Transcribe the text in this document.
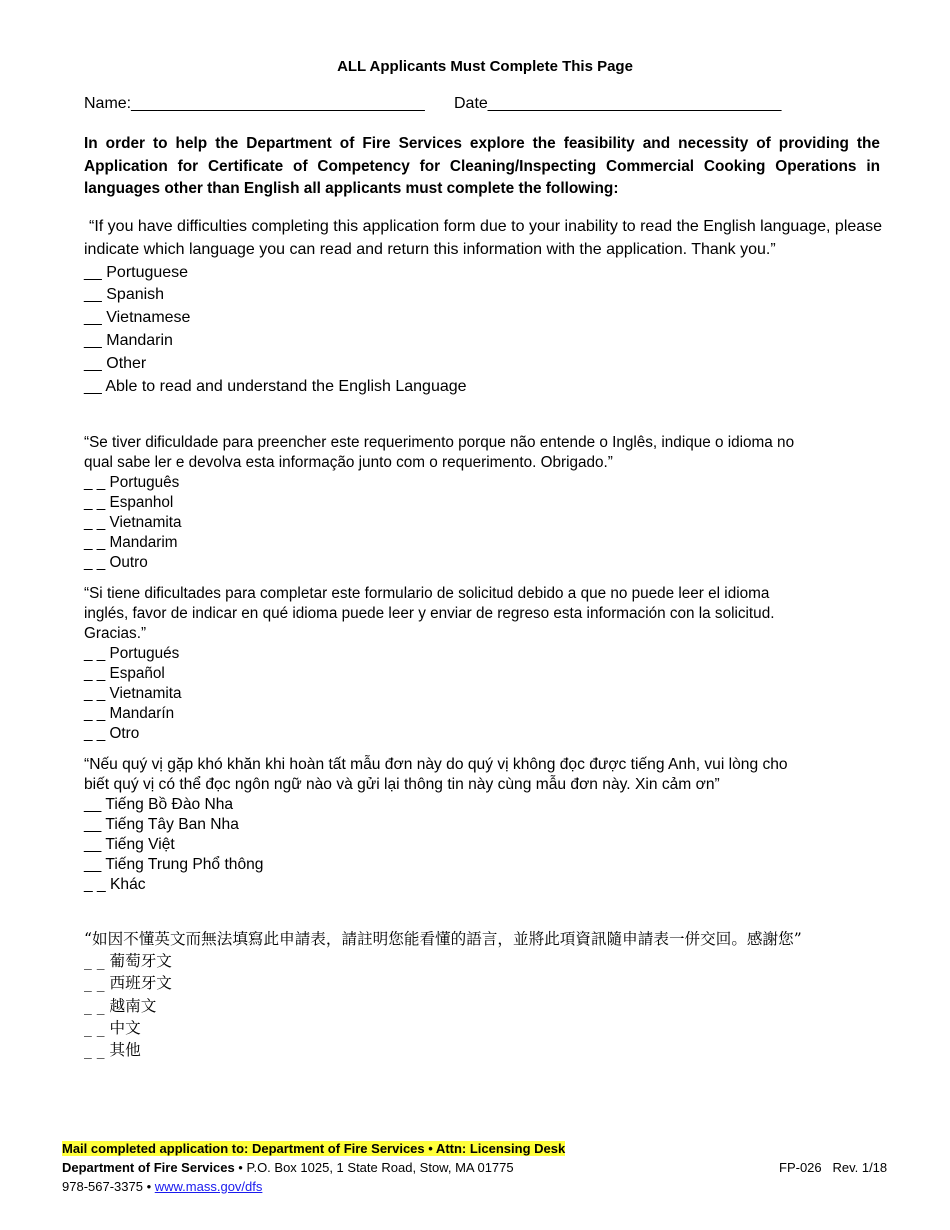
ALL Applicants Must Complete This Page
Name:_________________________________ Date_________________________________
In order to help the Department of Fire Services explore the feasibility and necessity of providing the Application for Certificate of Competency for Cleaning/Inspecting Commercial Cooking Operations in languages other than English all applicants must complete the following:

“If you have difficulties completing this application form due to your inability to read the English language, please indicate which language you can read and return this information with the application. Thank you.”

__ Portuguese

__ Spanish

__ Vietnamese

__ Mandarin

__ Other

__ Able to read and understand the English Language

“Se tiver dificuldade para preencher este requerimento porque não entende o Inglês, indique o idioma no qual sabe ler e devolva esta informação junto com o requerimento. Obrigado.”

_ _ Português

_ _ Espanhol

_ _ Vietnamita

_ _ Mandarim

_ _ Outro

“Si tiene dificultades para completar este formulario de solicitud debido a que no puede leer el idioma inglés, favor de indicar en qué idioma puede leer y enviar de regreso esta información con la solicitud. Gracias.”

_ _ Portugués

_ _ Español

_ _ Vietnamita

_ _ Mandarín

_ _ Otro

“Nếu quý vị gặp khó khăn khi hoàn tất mẫu đơn này do quý vị không đọc được tiếng Anh, vui lòng cho biết quý vị có thể đọc ngôn ngữ nào và gửi lại thông tin này cùng mẫu đơn này. Xin cảm ơn”

__ Tiếng Bồ Đào Nha

__ Tiếng Tây Ban Nha

__ Tiếng Việt

__ Tiếng Trung Phổ thông

_ _ Khác

“如因不懂英文而無法填寫此申請表，請註明您能看懂的語言，並將此項資訊隨申請表一併交回。感謝您”

_ _ 葡萄牙文

_ _ 西班牙文

_ _ 越南文

_ _ 中文

_ _ 其他

Mail completed application to: Department of Fire Services • Attn: Licensing Desk
Department of Fire Services • P.O. Box 1025, 1 State Road, Stow, MA 01775
978-567-3375 • www.mass.gov/dfs
FP-026   Rev. 1/18
